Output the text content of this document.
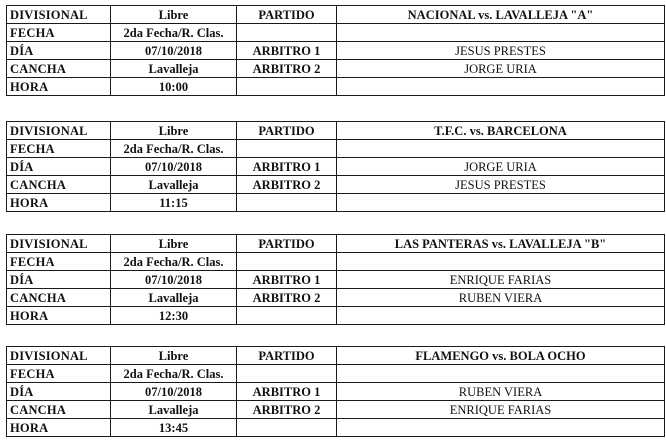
DIVISIONAL	Libre	PARTIDO	NACIONAL vs. LAVALLEJA "A"
FECHA	2da Fecha/R. Clas.		
DÍA	07/10/2018	ARBITRO 1	JESUS PRESTES
CANCHA	Lavalleja	ARBITRO 2	JORGE URIA
HORA	10:00		
DIVISIONAL	Libre	PARTIDO	T.F.C. vs. BARCELONA
FECHA	2da Fecha/R. Clas.		
DÍA	07/10/2018	ARBITRO 1	JORGE URIA
CANCHA	Lavalleja	ARBITRO 2	JESUS PRESTES
HORA	11:15		
DIVISIONAL	Libre	PARTIDO	LAS PANTERAS vs. LAVALLEJA "B"
FECHA	2da Fecha/R. Clas.		
DÍA	07/10/2018	ARBITRO 1	ENRIQUE FARIAS
CANCHA	Lavalleja	ARBITRO 2	RUBEN VIERA
HORA	12:30		
DIVISIONAL	Libre	PARTIDO	FLAMENGO vs. BOLA OCHO
FECHA	2da Fecha/R. Clas.		
DÍA	07/10/2018	ARBITRO 1	RUBEN VIERA
CANCHA	Lavalleja	ARBITRO 2	ENRIQUE FARIAS
HORA	13:45		
